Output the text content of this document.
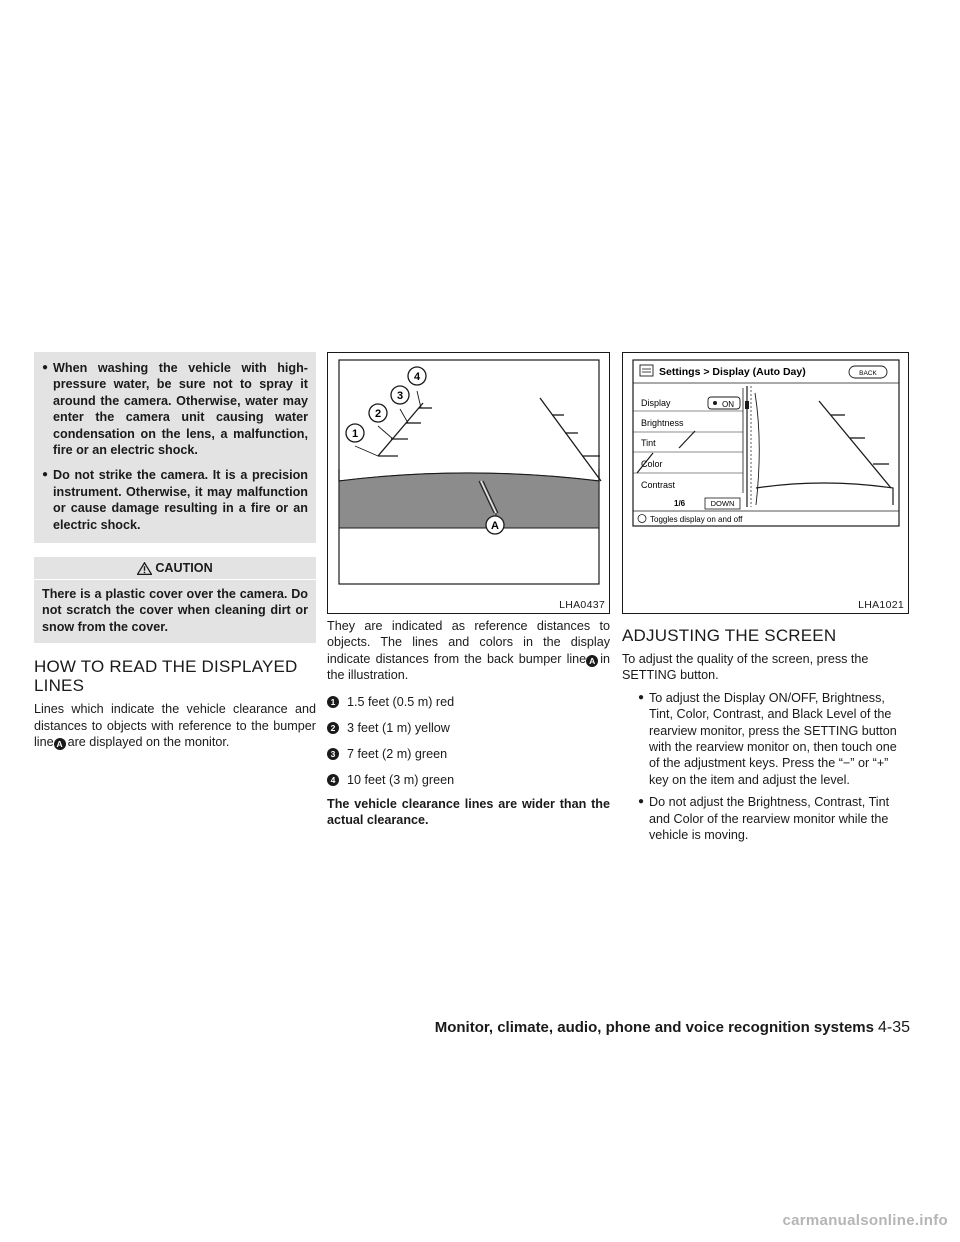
● When washing the vehicle with high-pressure water, be sure not to spray it around the camera. Otherwise, water may enter the camera unit causing water condensation on the lens, a malfunction, fire or an electric shock.
● Do not strike the camera. It is a precision instrument. Otherwise, it may malfunction or cause damage resulting in a fire or an electric shock.
CAUTION
There is a plastic cover over the camera. Do not scratch the cover when cleaning dirt or snow from the cover.
HOW TO READ THE DISPLAYED
LINES

Lines which indicate the vehicle clearance and distances to objects with reference to the bumper line A are displayed on the monitor.

1
2
3
4
A
LHA0437

They are indicated as reference distances to objects. The lines and colors in the display indicate distances from the back bumper line A in the illustration.

1 1.5 feet (0.5 m) red
2 3 feet (1 m) yellow
3 7 feet (2 m) green
4 10 feet (3 m) green

The vehicle clearance lines are wider than the actual clearance.

Settings > Display (Auto Day)	BACK
Display
Brightness
Tint
Color
Contrast
ON
1/6	DOWN
Toggles display on and off
LHA1021
ADJUSTING THE SCREEN

To adjust the quality of the screen, press the SETTING button.

● To adjust the Display ON/OFF, Brightness, Tint, Color, Contrast, and Black Level of the rearview monitor, press the SETTING button with the rearview monitor on, then touch one of the adjustment keys. Press the “−” or “+” key on the item and adjust the level.
● Do not adjust the Brightness, Contrast, Tint and Color of the rearview monitor while the vehicle is moving.
Monitor, climate, audio, phone and voice recognition systems 4-35
carmanualsonline.info
